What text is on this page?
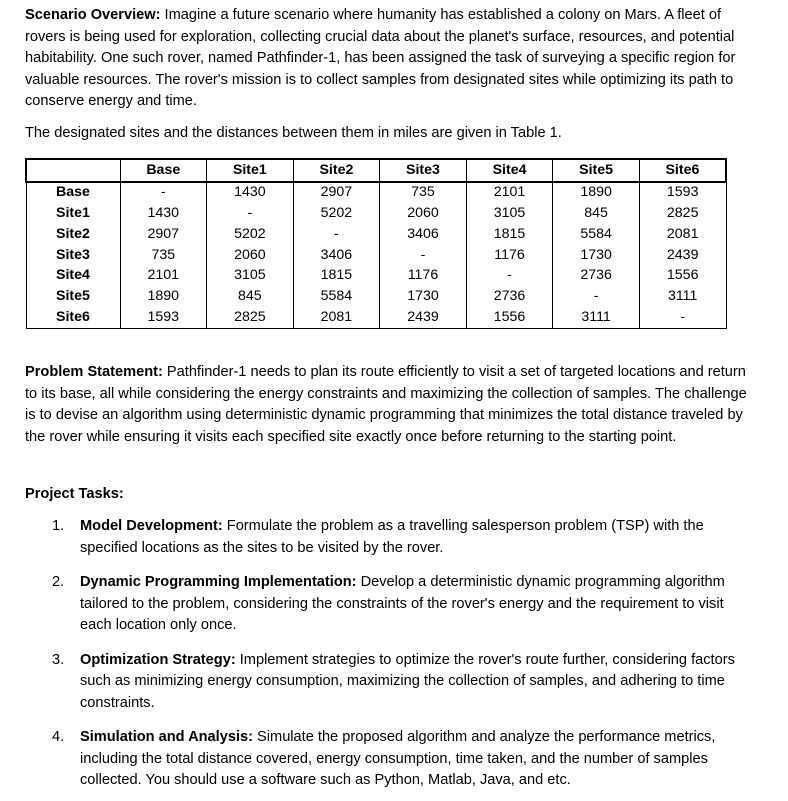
Scenario Overview: Imagine a future scenario where humanity has established a colony on Mars. A fleet of rovers is being used for exploration, collecting crucial data about the planet's surface, resources, and potential habitability. One such rover, named Pathfinder-1, has been assigned the task of surveying a specific region for valuable resources. The rover's mission is to collect samples from designated sites while optimizing its path to conserve energy and time.

The designated sites and the distances between them in miles are given in Table 1.

	Base	Site1	Site2	Site3	Site4	Site5	Site6
Base	-	1430	2907	735	2101	1890	1593
Site1	1430	-	5202	2060	3105	845	2825
Site2	2907	5202	-	3406	1815	5584	2081
Site3	735	2060	3406	-	1176	1730	2439
Site4	2101	3105	1815	1176	-	2736	1556
Site5	1890	845	5584	1730	2736	-	3111
Site6	1593	2825	2081	2439	1556	3111	-

Problem Statement: Pathfinder-1 needs to plan its route efficiently to visit a set of targeted locations and return to its base, all while considering the energy constraints and maximizing the collection of samples. The challenge is to devise an algorithm using deterministic dynamic programming that minimizes the total distance traveled by the rover while ensuring it visits each specified site exactly once before returning to the starting point.

Project Tasks:

1. Model Development: Formulate the problem as a travelling salesperson problem (TSP) with the specified locations as the sites to be visited by the rover.
2. Dynamic Programming Implementation: Develop a deterministic dynamic programming algorithm tailored to the problem, considering the constraints of the rover's energy and the requirement to visit each location only once.
3. Optimization Strategy: Implement strategies to optimize the rover's route further, considering factors such as minimizing energy consumption, maximizing the collection of samples, and adhering to time constraints.
4. Simulation and Analysis: Simulate the proposed algorithm and analyze the performance metrics, including the total distance covered, energy consumption, time taken, and the number of samples collected. You should use a software such as Python, Matlab, Java, and etc.
